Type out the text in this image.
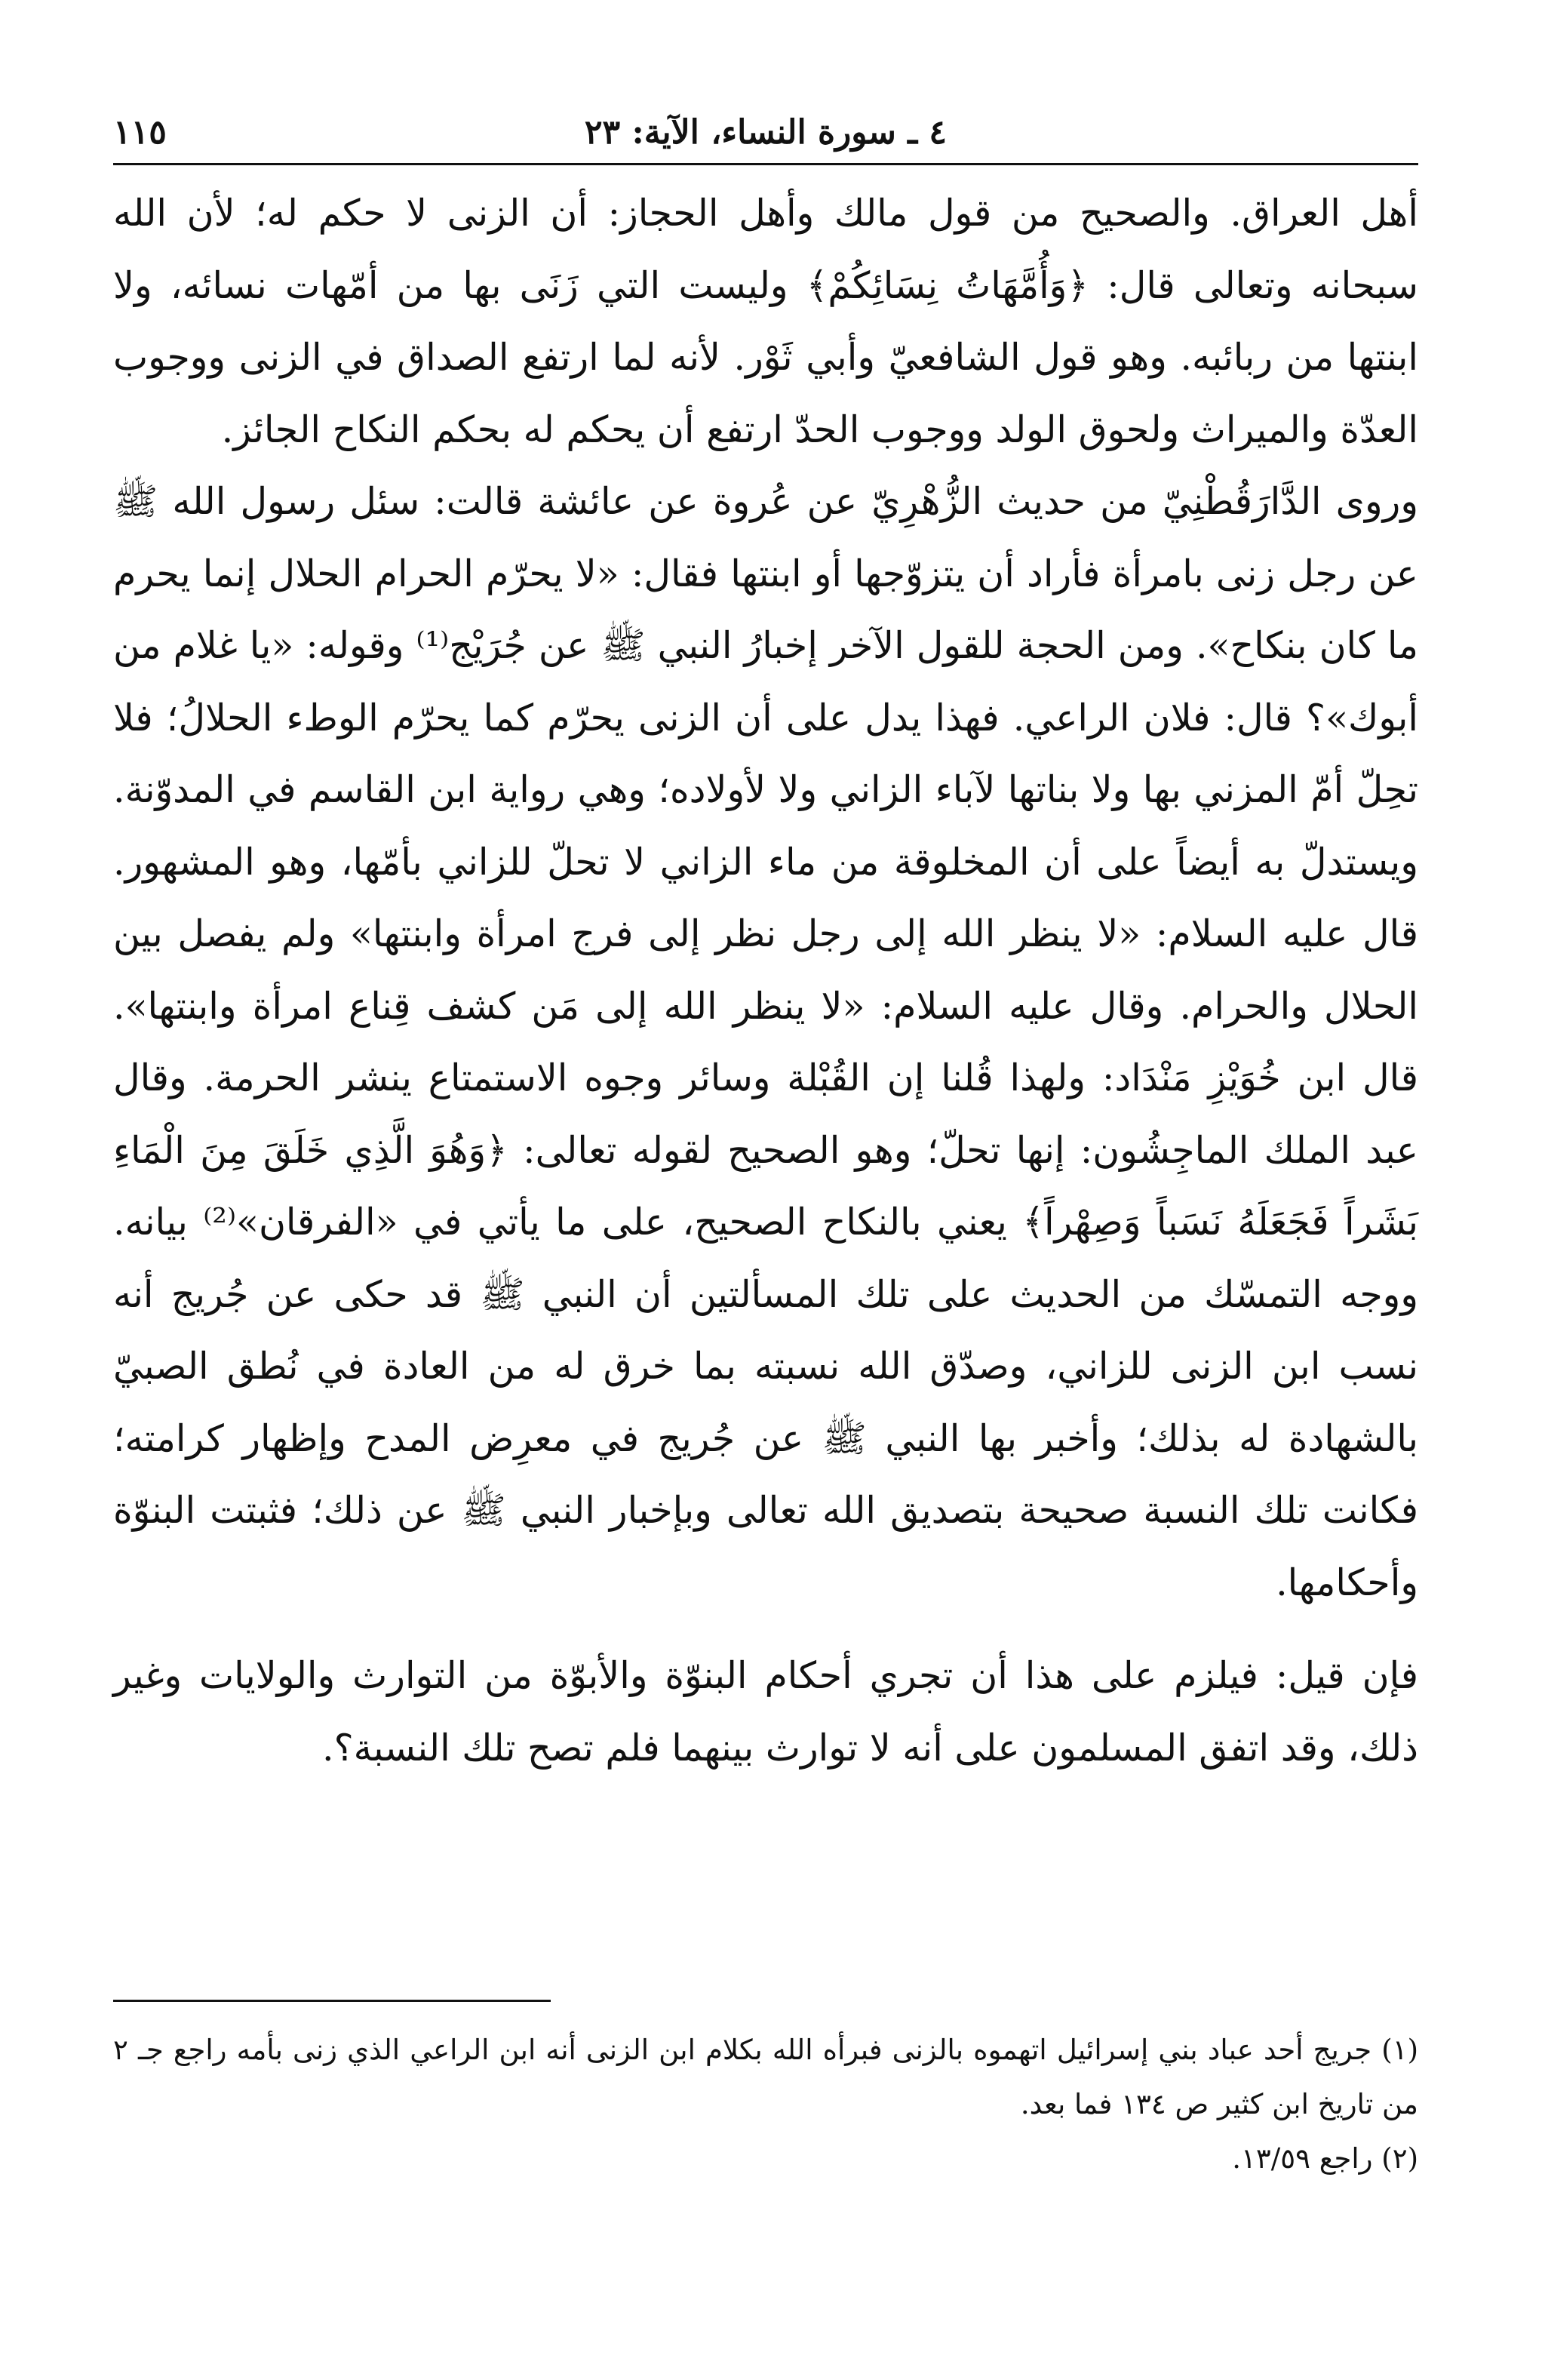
١١٥	٤ ـ سورة النساء، الآية: ٢٣

أهل العراق. والصحيح من قول مالك وأهل الحجاز: أن الزنى لا حكم له؛ لأن الله سبحانه وتعالى قال: ﴿وَأُمَّهَاتُ نِسَائِكُمْ﴾ وليست التي زَنَى بها من أمّهات نسائه، ولا ابنتها من ربائبه. وهو قول الشافعيّ وأبي ثَوْر. لأنه لما ارتفع الصداق في الزنى ووجوب العدّة والميراث ولحوق الولد ووجوب الحدّ ارتفع أن يحكم له بحكم النكاح الجائز.

وروى الدَّارَقُطْنِيّ من حديث الزُّهْرِيّ عن عُروة عن عائشة قالت: سئل رسول الله ﷺ عن رجل زنى بامرأة فأراد أن يتزوّجها أو ابنتها فقال: «لا يحرّم الحرام الحلال إنما يحرم ما كان بنكاح». ومن الحجة للقول الآخر إخبارُ النبي ﷺ عن جُرَيْج⁽¹⁾ وقوله: «يا غلام من أبوك»؟ قال: فلان الراعي. فهذا يدل على أن الزنى يحرّم كما يحرّم الوطء الحلالُ؛ فلا تحِلّ أمّ المزني بها ولا بناتها لآباء الزاني ولا لأولاده؛ وهي رواية ابن القاسم في المدوّنة. ويستدلّ به أيضاً على أن المخلوقة من ماء الزاني لا تحلّ للزاني بأمّها، وهو المشهور. قال عليه السلام: «لا ينظر الله إلى رجل نظر إلى فرج امرأة وابنتها» ولم يفصل بين الحلال والحرام. وقال عليه السلام: «لا ينظر الله إلى مَن كشف قِناع امرأة وابنتها». قال ابن خُوَيْزِ مَنْدَاد: ولهذا قُلنا إن القُبْلة وسائر وجوه الاستمتاع ينشر الحرمة. وقال عبد الملك الماجِشُون: إنها تحلّ؛ وهو الصحيح لقوله تعالى: ﴿وَهُوَ الَّذِي خَلَقَ مِنَ الْمَاءِ بَشَراً فَجَعَلَهُ نَسَباً وَصِهْراً﴾ يعني بالنكاح الصحيح، على ما يأتي في «الفرقان»⁽²⁾ بيانه. ووجه التمسّك من الحديث على تلك المسألتين أن النبي ﷺ قد حكى عن جُريج أنه نسب ابن الزنى للزاني، وصدّق الله نسبته بما خرق له من العادة في نُطق الصبيّ بالشهادة له بذلك؛ وأخبر بها النبي ﷺ عن جُريج في معرِض المدح وإظهار كرامته؛ فكانت تلك النسبة صحيحة بتصديق الله تعالى وبإخبار النبي ﷺ عن ذلك؛ فثبتت البنوّة وأحكامها.

فإن قيل: فيلزم على هذا أن تجري أحكام البنوّة والأبوّة من التوارث والولايات وغير ذلك، وقد اتفق المسلمون على أنه لا توارث بينهما فلم تصح تلك النسبة؟.

(١) جريج أحد عباد بني إسرائيل اتهموه بالزنى فبرأه الله بكلام ابن الزنى أنه ابن الراعي الذي زنى بأمه راجع جـ ٢ من تاريخ ابن كثير ص ١٣٤ فما بعد.

(٢) راجع ١٣/٥٩.
